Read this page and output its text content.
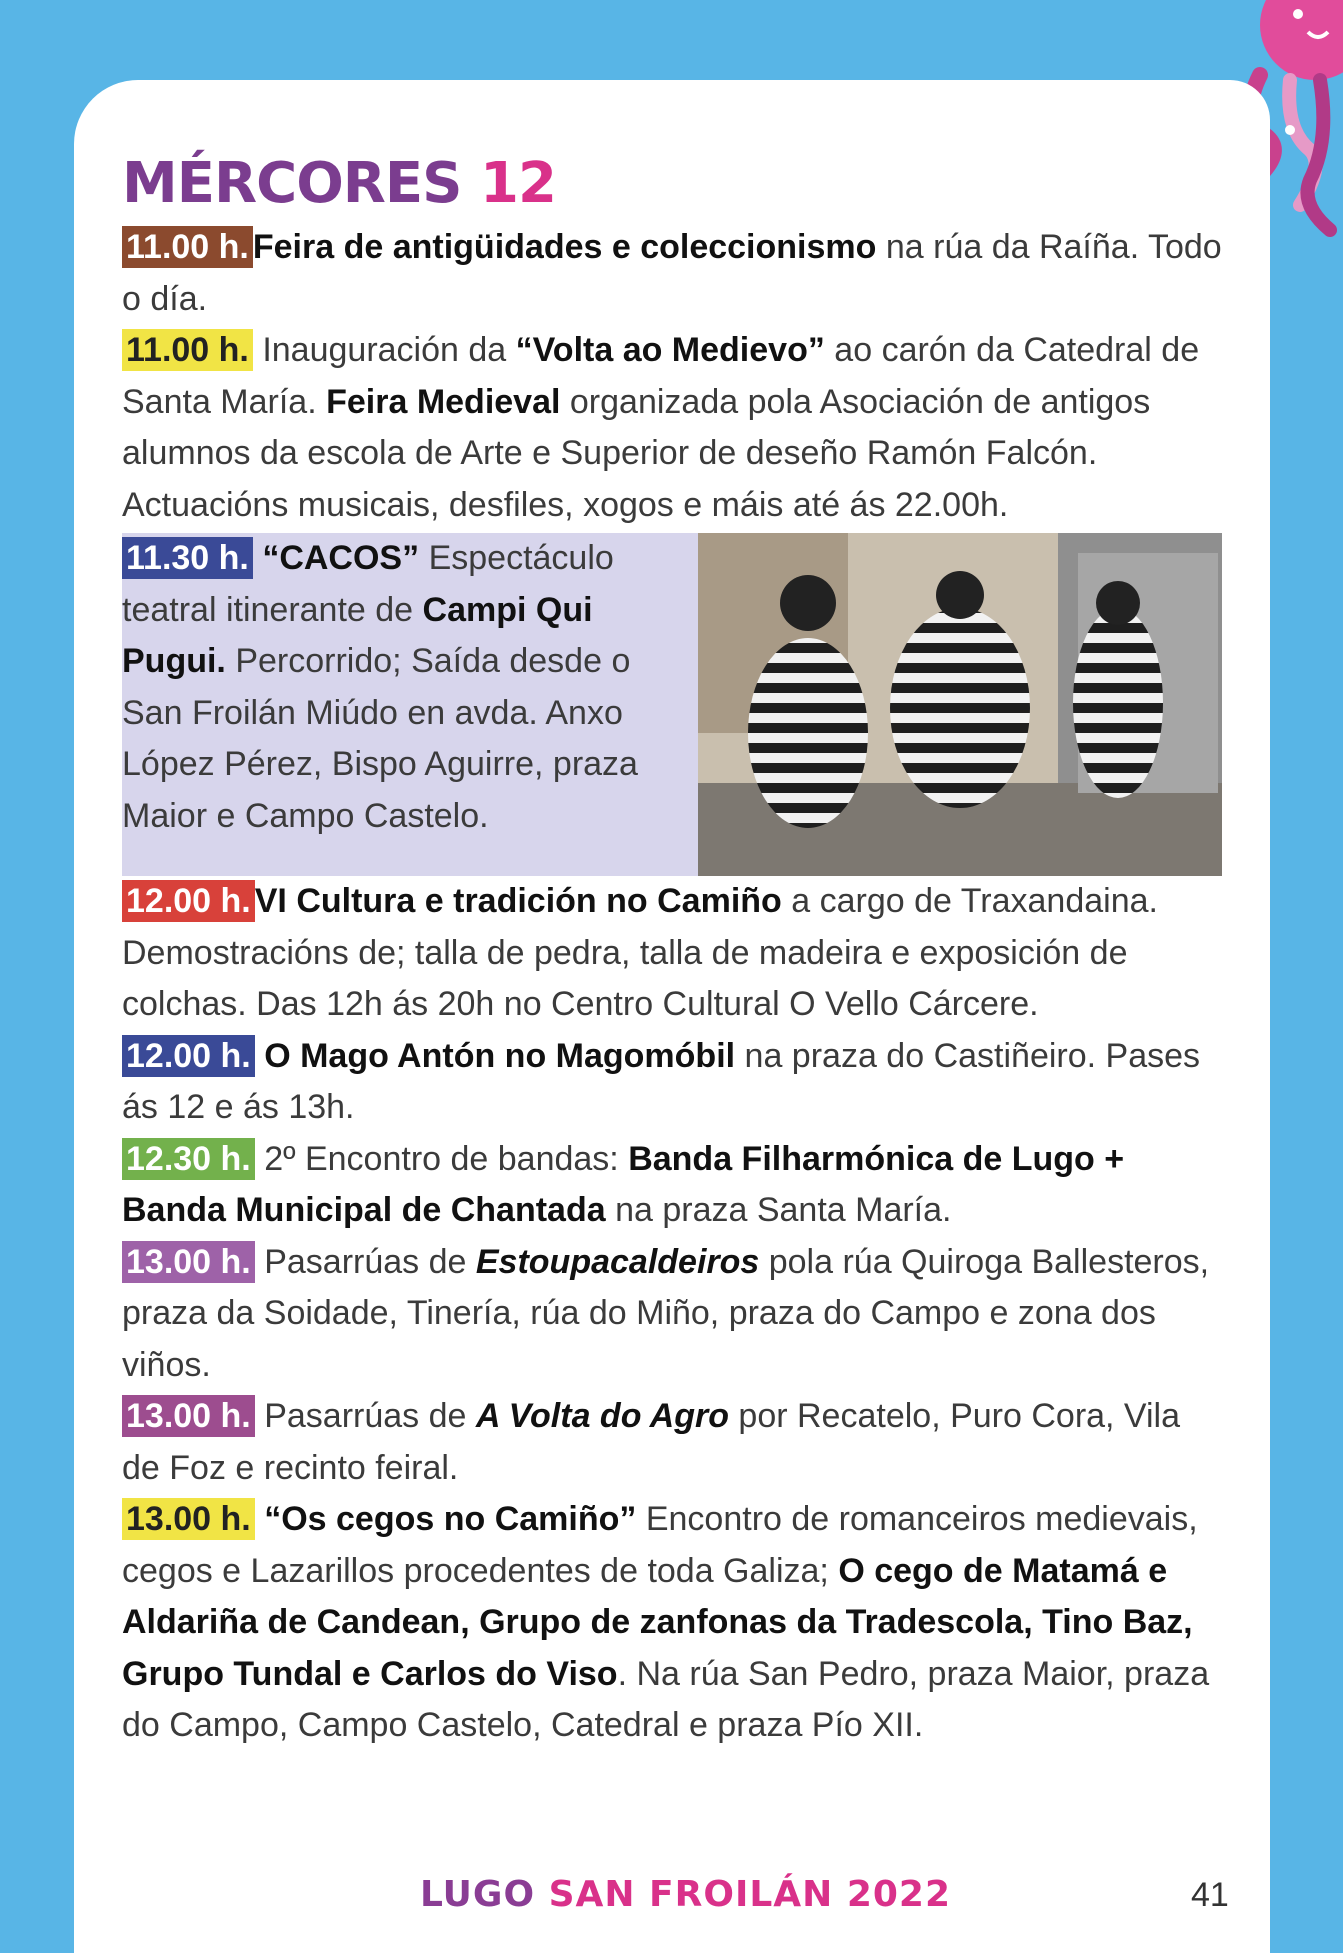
MÉRCORES 12

11.00 h. Feira de antigüidades e coleccionismo na rúa da Raíña. Todo o día.

11.00 h. Inauguración da “Volta ao Medievo” ao carón da Catedral de Santa María. Feira Medieval organizada pola Asociación de antigos alumnos da escola de Arte e Superior de deseño Ramón Falcón. Actuacións musicais, desfiles, xogos e máis até ás 22.00h.

11.30 h. “CACOS” Espectáculo teatral itinerante de Campi Qui Pugui. Percorrido; Saída desde o San Froilán Miúdo en avda. Anxo López Pérez, Bispo Aguirre, praza Maior e Campo Castelo.

12.00 h. VI Cultura e tradición no Camiño a cargo de Traxandaina. Demostracións de; talla de pedra, talla de madeira e exposición de colchas. Das 12h ás 20h no Centro Cultural O Vello Cárcere.

12.00 h. O Mago Antón no Magomóbil na praza do Castiñeiro. Pases ás 12 e ás 13h.

12.30 h. 2º Encontro de bandas: Banda Filharmónica de Lugo + Banda Municipal de Chantada na praza Santa María.

13.00 h. Pasarrúas de Estoupacaldeiros pola rúa Quiroga Ballesteros, praza da Soidade, Tinería, rúa do Miño, praza do Campo e zona dos viños.

13.00 h. Pasarrúas de A Volta do Agro por Recatelo, Puro Cora, Vila de Foz e recinto feiral.

13.00 h. “Os cegos no Camiño” Encontro de romanceiros medievais, cegos e Lazarillos procedentes de toda Galiza; O cego de Matamá e Aldariña de Candean, Grupo de zanfonas da Tradescola, Tino Baz, Grupo Tundal e Carlos do Viso. Na rúa San Pedro, praza Maior, praza do Campo, Campo Castelo, Catedral e praza Pío XII.

LUGO SAN FROILÁN 2022	41
